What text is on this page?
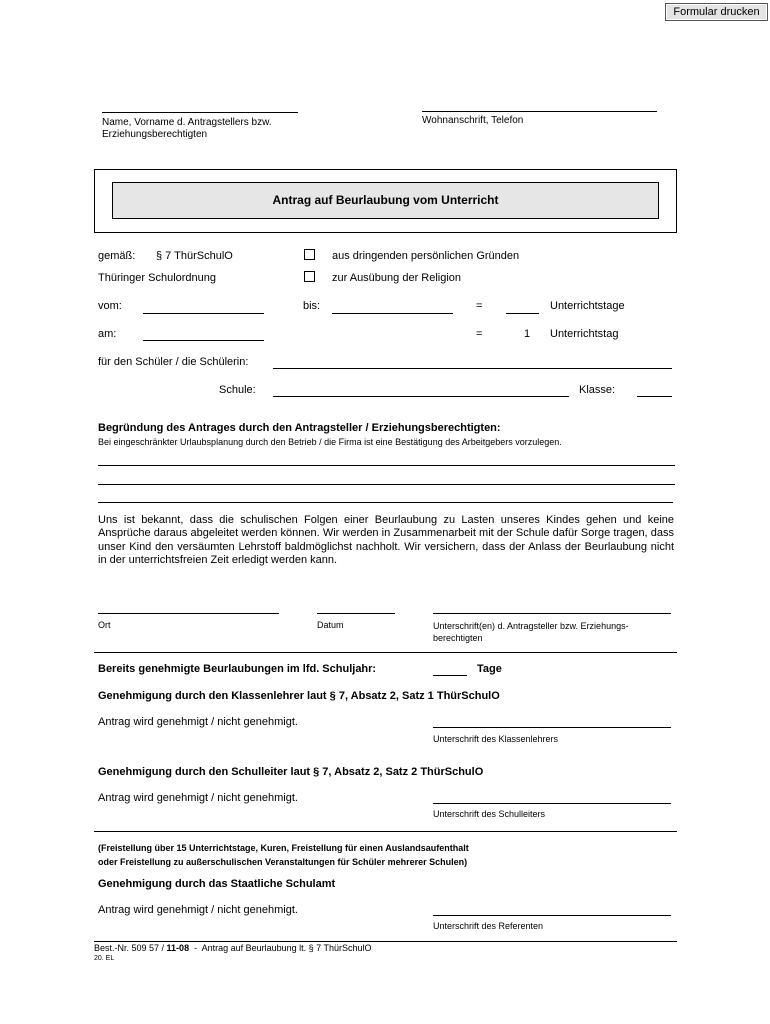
Formular drucken
Name, Vorname d. Antragstellers bzw.
Erziehungsberechtigten
Wohnanschrift, Telefon
Antrag auf Beurlaubung vom Unterricht
gemäß: § 7 ThürSchulO
Thüringer Schulordnung
aus dringenden persönlichen Gründen
zur Ausübung der Religion
vom:	bis:	=	Unterrichtstage
am:	=	1 Unterrichtstag
für den Schüler / die Schülerin:
Schule:	Klasse:
Begründung des Antrages durch den Antragsteller / Erziehungsberechtigten:
Bei eingeschränkter Urlaubsplanung durch den Betrieb / die Firma ist eine Bestätigung des Arbeitgebers vorzulegen.
Uns ist bekannt, dass die schulischen Folgen einer Beurlaubung zu Lasten unseres Kindes gehen und keine Ansprüche daraus abgeleitet werden können. Wir werden in Zusammenarbeit mit der Schule dafür Sorge tragen, dass unser Kind den versäumten Lehrstoff baldmöglichst nachholt. Wir versichern, dass der Anlass der Beurlaubung nicht in der unterrichtsfreien Zeit erledigt werden kann.
Ort	Datum	Unterschrift(en) d. Antragsteller bzw. Erziehungs-
berechtigten
Bereits genehmigte Beurlaubungen im lfd. Schuljahr:	Tage
Genehmigung durch den Klassenlehrer laut § 7, Absatz 2, Satz 1 ThürSchulO
Antrag wird genehmigt / nicht genehmigt.
Unterschrift des Klassenlehrers
Genehmigung durch den Schulleiter laut § 7, Absatz 2, Satz 2 ThürSchulO
Antrag wird genehmigt / nicht genehmigt.
Unterschrift des Schulleiters
(Freistellung über 15 Unterrichtstage, Kuren, Freistellung für einen Auslandsaufenthalt
oder Freistellung zu außerschulischen Veranstaltungen für Schüler mehrerer Schulen)
Genehmigung durch das Staatliche Schulamt
Antrag wird genehmigt / nicht genehmigt.
Unterschrift des Referenten
Best.-Nr. 509 57 / 11-08  -  Antrag auf Beurlaubung lt. § 7 ThürSchulO
20. EL
